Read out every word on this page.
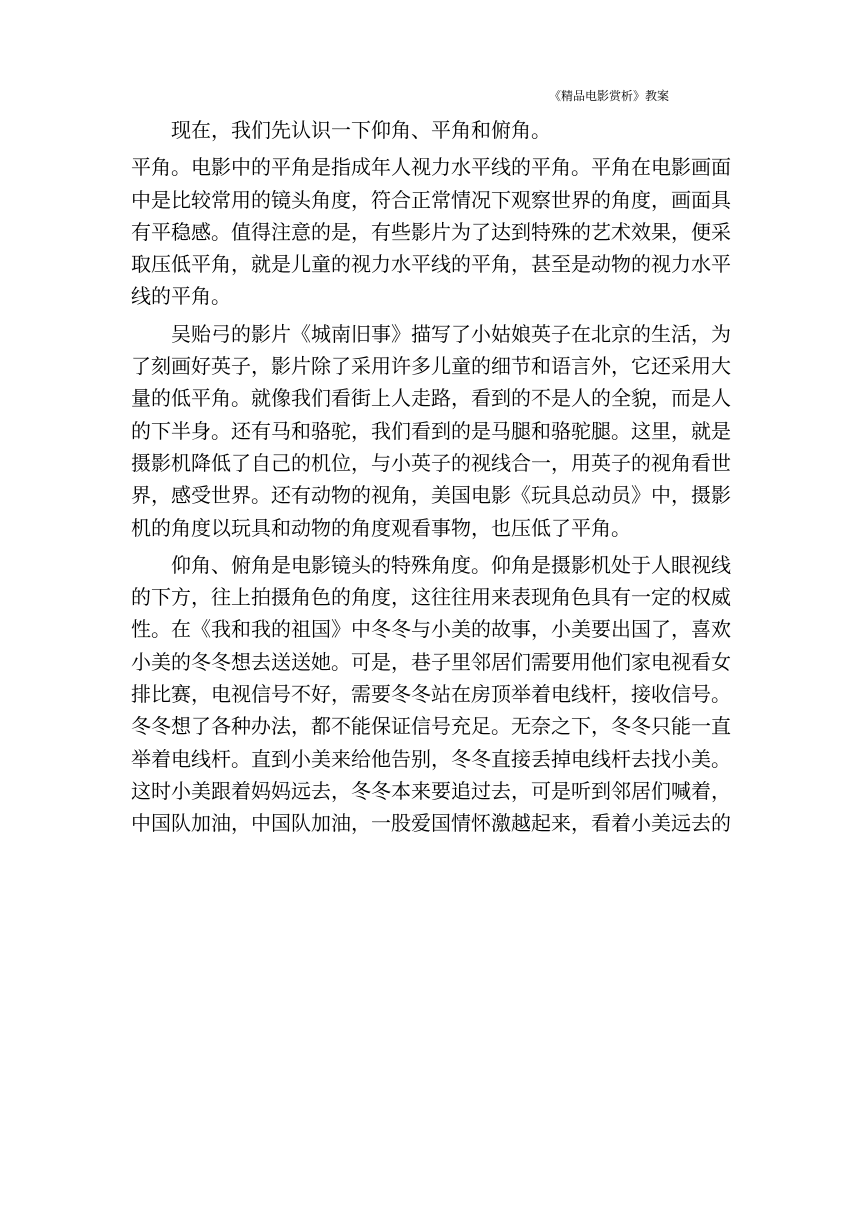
《精品电影赏析》教案

现在，我们先认识一下仰角、平角和俯角。

平角。电影中的平角是指成年人视力水平线的平角。平角在电影画面中是比较常用的镜头角度，符合正常情况下观察世界的角度，画面具有平稳感。值得注意的是，有些影片为了达到特殊的艺术效果，便采取压低平角，就是儿童的视力水平线的平角，甚至是动物的视力水平线的平角。

吴贻弓的影片《城南旧事》描写了小姑娘英子在北京的生活，为了刻画好英子，影片除了采用许多儿童的细节和语言外，它还采用大量的低平角。就像我们看街上人走路，看到的不是人的全貌，而是人的下半身。还有马和骆驼，我们看到的是马腿和骆驼腿。这里，就是摄影机降低了自己的机位，与小英子的视线合一，用英子的视角看世界，感受世界。还有动物的视角，美国电影《玩具总动员》中，摄影机的角度以玩具和动物的角度观看事物，也压低了平角。

仰角、俯角是电影镜头的特殊角度。仰角是摄影机处于人眼视线的下方，往上拍摄角色的角度，这往往用来表现角色具有一定的权威性。在《我和我的祖国》中冬冬与小美的故事，小美要出国了，喜欢小美的冬冬想去送送她。可是，巷子里邻居们需要用他们家电视看女排比赛，电视信号不好，需要冬冬站在房顶举着电线杆，接收信号。冬冬想了各种办法，都不能保证信号充足。无奈之下，冬冬只能一直举着电线杆。直到小美来给他告别，冬冬直接丢掉电线杆去找小美。这时小美跟着妈妈远去，冬冬本来要追过去，可是听到邻居们喊着，中国队加油，中国队加油，一股爱国情怀激越起来，看着小美远去的
